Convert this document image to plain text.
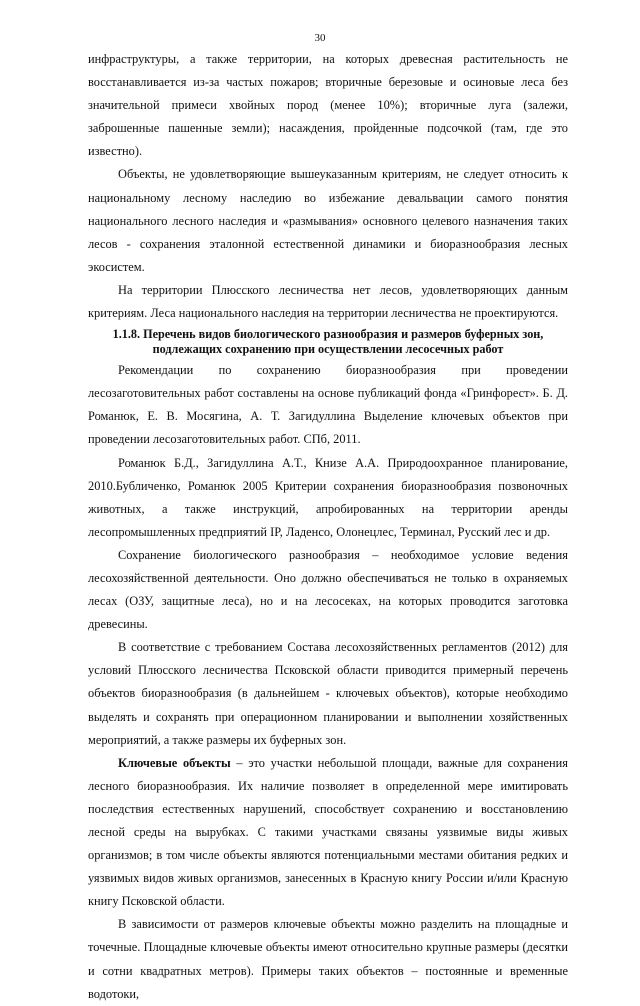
30

инфраструктуры, а также территории, на которых древесная растительность не восстанавливается из-за частых пожаров; вторичные березовые и осиновые леса без значительной примеси хвойных пород (менее 10%); вторичные луга (залежи, заброшенные пашенные земли); насаждения, пройденные подсочкой (там, где это известно).

Объекты, не удовлетворяющие вышеуказанным критериям, не следует относить к национальному лесному наследию во избежание девальвации самого понятия национального лесного наследия и «размывания» основного целевого назначения таких лесов - сохранения эталонной естественной динамики и биоразнообразия лесных экосистем.

На территории Плюсского лесничества нет лесов, удовлетворяющих данным критериям. Леса национального наследия на территории лесничества не проектируются.

1.1.8. Перечень видов биологического разнообразия и размеров буферных зон,
подлежащих сохранению при осуществлении лесосечных работ

Рекомендации по сохранению биоразнообразия при проведении лесозаготовительных работ составлены на основе публикаций фонда «Гринфорест». Б. Д. Романюк, Е. В. Мосягина, А. Т. Загидуллина Выделение ключевых объектов при проведении лесозаготовительных работ. СПб, 2011.

Романюк Б.Д., Загидуллина А.Т., Книзе А.А. Природоохранное планирование, 2010.Бубличенко, Романюк 2005 Критерии сохранения биоразнообразия позвоночных животных, а также инструкций, апробированных на территории аренды лесопромышленных предприятий IP, Ладенсо, Олонецлес, Терминал, Русский лес и др.

Сохранение биологического разнообразия – необходимое условие ведения лесохозяйственной деятельности. Оно должно обеспечиваться не только в охраняемых лесах (ОЗУ, защитные леса), но и на лесосеках, на которых проводится заготовка древесины.

В соответствие с требованием Состава лесохозяйственных регламентов (2012) для условий Плюсского лесничества Псковской области приводится примерный перечень объектов биоразнообразия (в дальнейшем - ключевых объектов), которые необходимо выделять и сохранять при операционном планировании и выполнении хозяйственных мероприятий, а также размеры их буферных зон.

Ключевые объекты – это участки небольшой площади, важные для сохранения лесного биоразнообразия. Их наличие позволяет в определенной мере имитировать последствия естественных нарушений, способствует сохранению и восстановлению лесной среды на вырубках. С такими участками связаны уязвимые виды живых организмов; в том числе объекты являются потенциальными местами обитания редких и уязвимых видов живых организмов, занесенных в Красную книгу России и/или Красную книгу Псковской области.

В зависимости от размеров ключевые объекты можно разделить на площадные и точечные. Площадные ключевые объекты имеют относительно крупные размеры (десятки и сотни квадратных метров). Примеры таких объектов – постоянные и временные водотоки,
